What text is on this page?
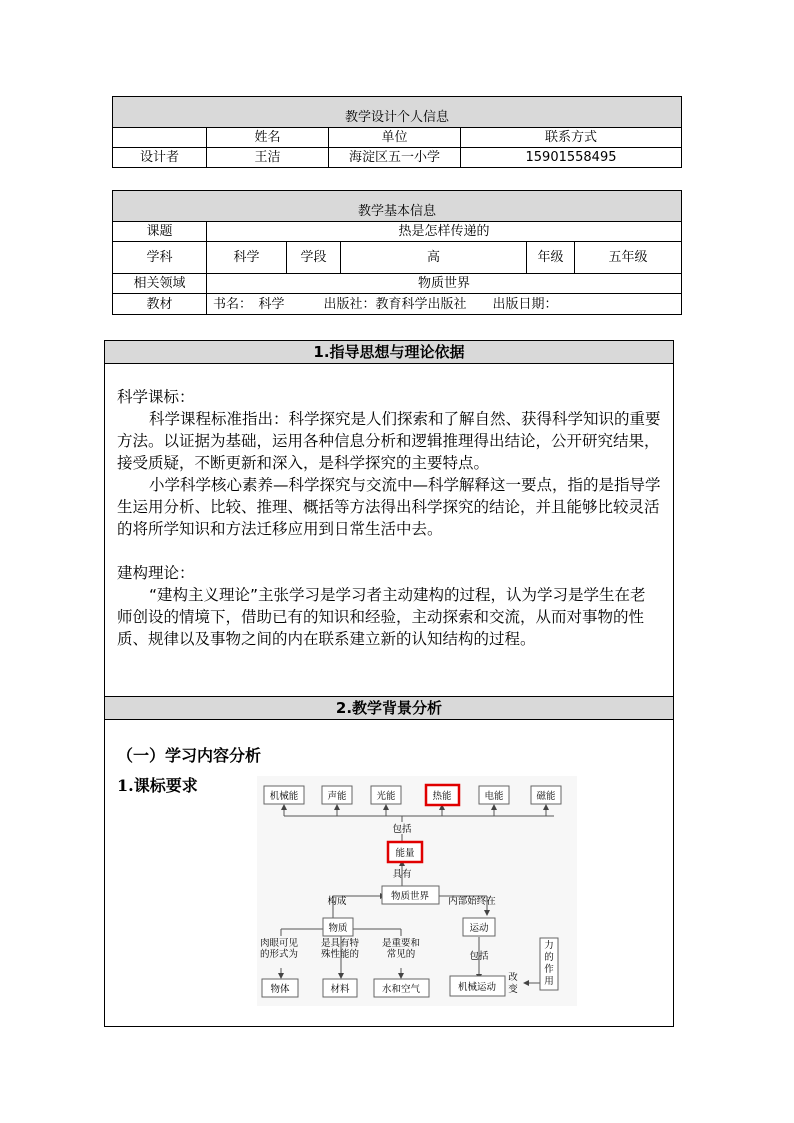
教学设计个人信息			
	姓名	单位	联系方式
设计者	王洁	海淀区五一小学	15901558495
教学基本信息					
课题	热是怎样传递的				
学科	科学	学段	高	年级	五年级
相关领域	物质世界				
教材	书名：　科学　　　出版社：教育科学出版社　　出版日期：				
1.指导思想与理论依据

科学课标：

科学课程标准指出：科学探究是人们探索和了解自然、获得科学知识的重要方法。以证据为基础，运用各种信息分析和逻辑推理得出结论，公开研究结果，接受质疑，不断更新和深入，是科学探究的主要特点。

小学科学核心素养—科学探究与交流中—科学解释这一要点，指的是指导学生运用分析、比较、推理、概括等方法得出科学探究的结论，并且能够比较灵活的将所学知识和方法迁移应用到日常生活中去。

建构理论：

“建构主义理论”主张学习是学习者主动建构的过程，认为学习是学生在老师创设的情境下，借助已有的知识和经验，主动探索和交流，从而对事物的性质、规律以及事物之间的内在联系建立新的认知结构的过程。

2.教学背景分析

（一）学习内容分析
1.课标要求
机械能	声能	光能	热能	电能	磁能
包括
能量
具有
物质世界
构成	内部始终在
物质	运动
肉眼可见的形式为
是具有特殊性能的
是重要和常见的	包括
物体	材料	水和空气	机械运动
改变
力的作用
